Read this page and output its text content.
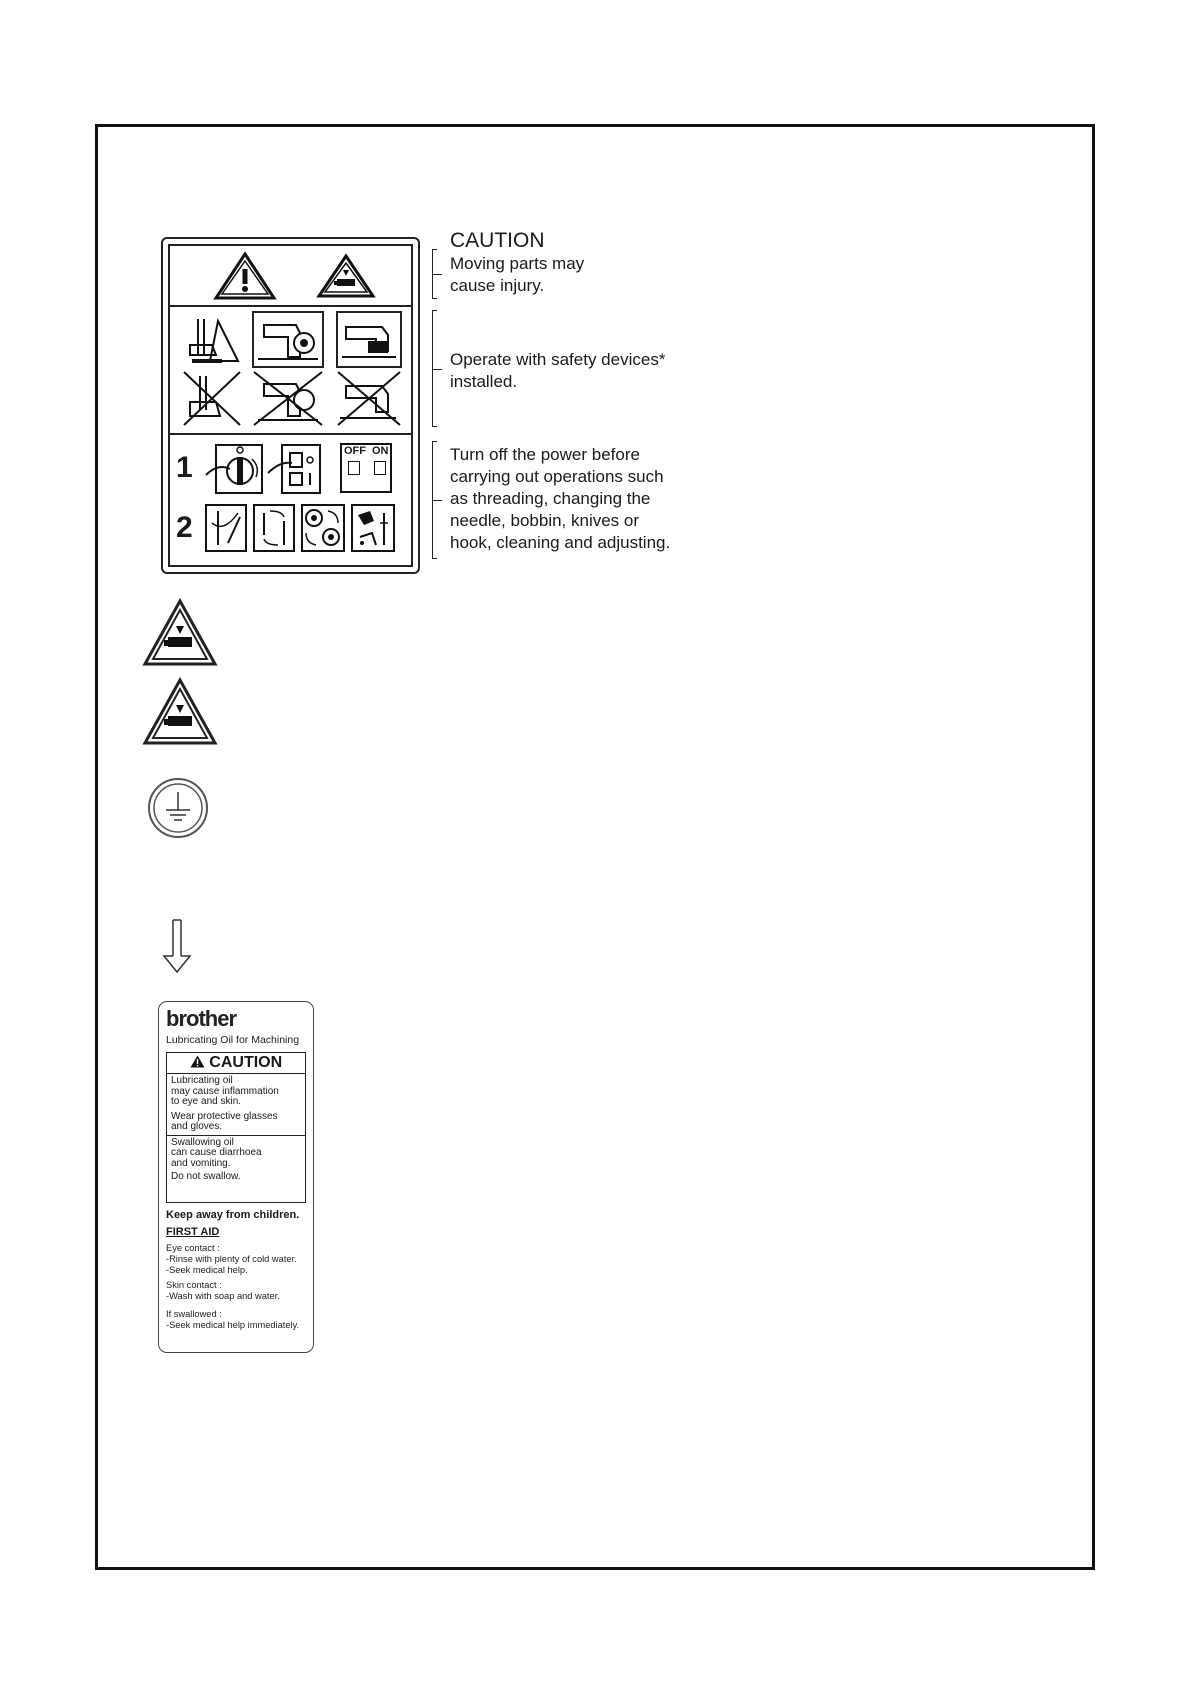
1
2
OFF ON
CAUTION
Moving parts may
cause injury.
Operate with safety devices*
installed.
Turn off the power before
carrying out operations such
as threading, changing the
needle, bobbin, knives or
hook, cleaning and adjusting.
brother
Lubricating Oil for Machining
CAUTION
Lubricating oil
may cause inflammation
to eye and skin.
Wear protective glasses
and gloves.
Swallowing oil
can cause diarrhoea
and vomiting.
Do not swallow.
Keep away from children.
FIRST AID
Eye contact :
-Rinse with plenty of cold water.
-Seek medical help.
Skin contact :
-Wash with soap and water.
If swallowed :
-Seek medical help immediately.
